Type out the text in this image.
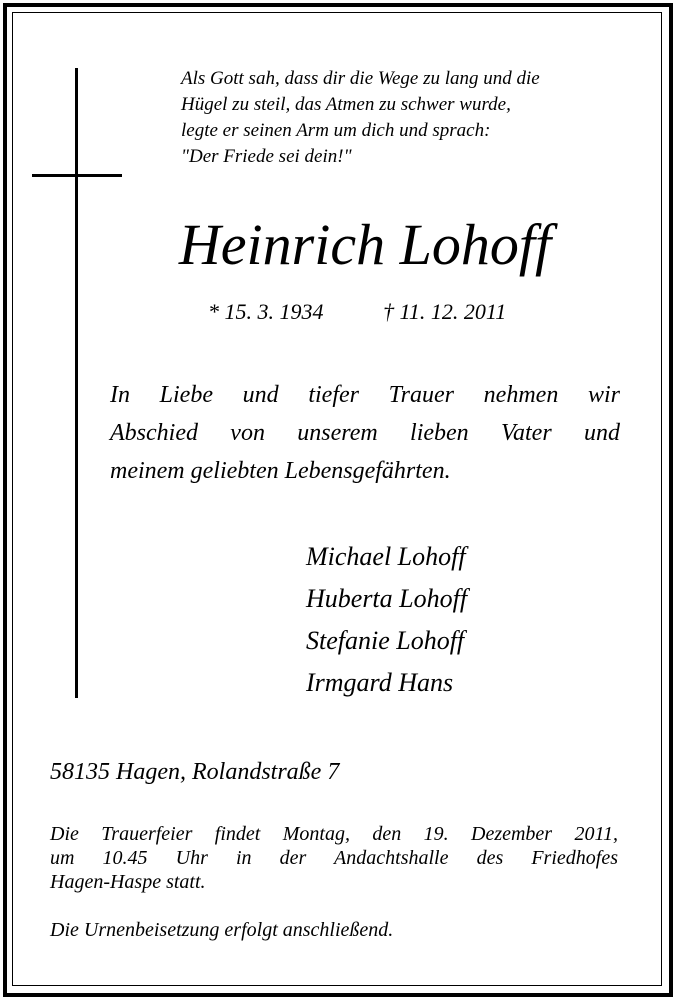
Als Gott sah, dass dir die Wege zu lang und die
Hügel zu steil, das Atmen zu schwer wurde,
legte er seinen Arm um dich und sprach:
"Der Friede sei dein!"

Heinrich Lohoff
* 15. 3. 1934	† 11. 12. 2011

In Liebe und tiefer Trauer nehmen wir
Abschied von unserem lieben Vater und
meinem geliebten Lebensgefährten.

Michael Lohoff
Huberta Lohoff
Stefanie Lohoff
Irmgard Hans
58135 Hagen, Rolandstraße 7

Die Trauerfeier findet Montag, den 19. Dezember 2011,
um 10.45 Uhr in der Andachtshalle des Friedhofes
Hagen-Haspe statt.

Die Urnenbeisetzung erfolgt anschließend.
